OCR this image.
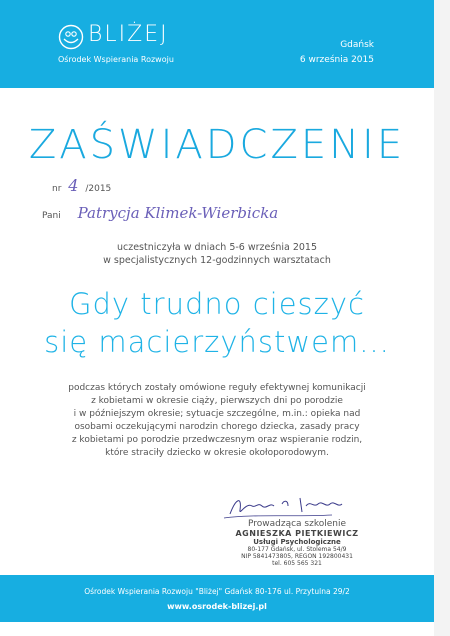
BLIŻEJ
Ośrodek Wspierania Rozwoju
Gdańsk
6 września 2015
ZAŚWIADCZENIE
nr 4 /2015
Pani Patrycja Klimek-Wierbicka
uczestniczyła w dniach 5-6 września 2015
w specjalistycznych 12-godzinnych warsztatach
Gdy trudno cieszyć
się macierzyństwem...
podczas których zostały omówione reguły efektywnej komunikacji
z kobietami w okresie ciąży, pierwszych dni po porodzie
i w późniejszym okresie; sytuacje szczególne, m.in.: opieka nad
osobami oczekującymi narodzin chorego dziecka, zasady pracy
z kobietami po porodzie przedwczesnym oraz wspieranie rodzin,
które straciły dziecko w okresie okołoporodowym.
Prowadząca szkolenie
AGNIESZKA PIETKIEWICZ
Usługi Psychologiczne
80-177 Gdańsk, ul. Stolema 54/9
NIP 5841473805, REGON 192800431
tel. 605 565 321
Ośrodek Wspierania Rozwoju "Bliżej" Gdańsk 80-176 ul. Przytulna 29/2
www.osrodek-blizej.pl
